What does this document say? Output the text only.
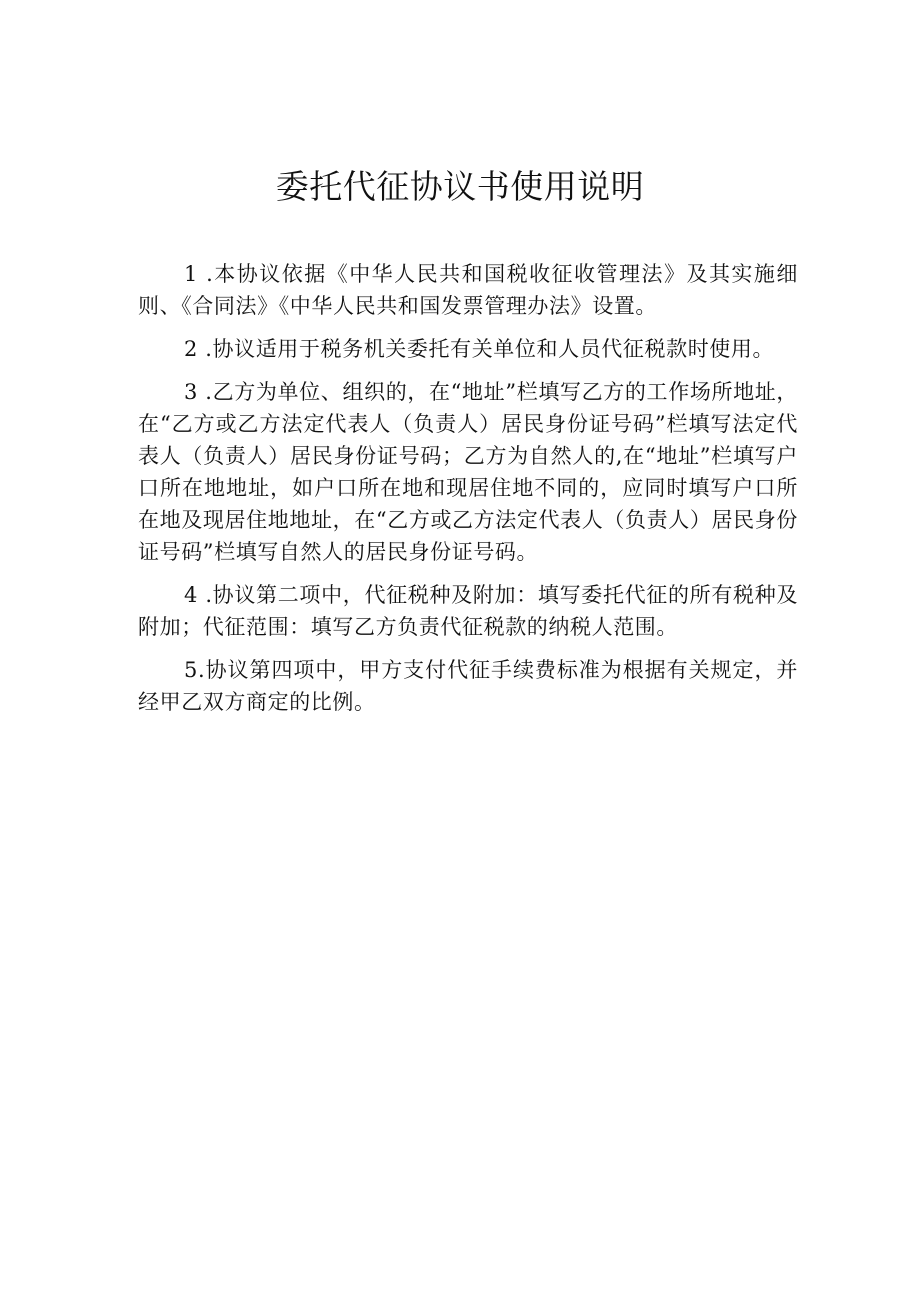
委托代征协议书使用说明

1 .本协议依据《中华人民共和国税收征收管理法》及其实施细则、《合同法》《中华人民共和国发票管理办法》设置。

2 .协议适用于税务机关委托有关单位和人员代征税款时使用。

3 .乙方为单位、组织的，在“地址”栏填写乙方的工作场所地址，在“乙方或乙方法定代表人（负责人）居民身份证号码”栏填写法定代表人（负责人）居民身份证号码；乙方为自然人的,在“地址”栏填写户口所在地地址，如户口所在地和现居住地不同的，应同时填写户口所在地及现居住地地址，在“乙方或乙方法定代表人（负责人）居民身份证号码”栏填写自然人的居民身份证号码。

4 .协议第二项中，代征税种及附加：填写委托代征的所有税种及附加；代征范围：填写乙方负责代征税款的纳税人范围。

5.协议第四项中，甲方支付代征手续费标准为根据有关规定，并经甲乙双方商定的比例。
